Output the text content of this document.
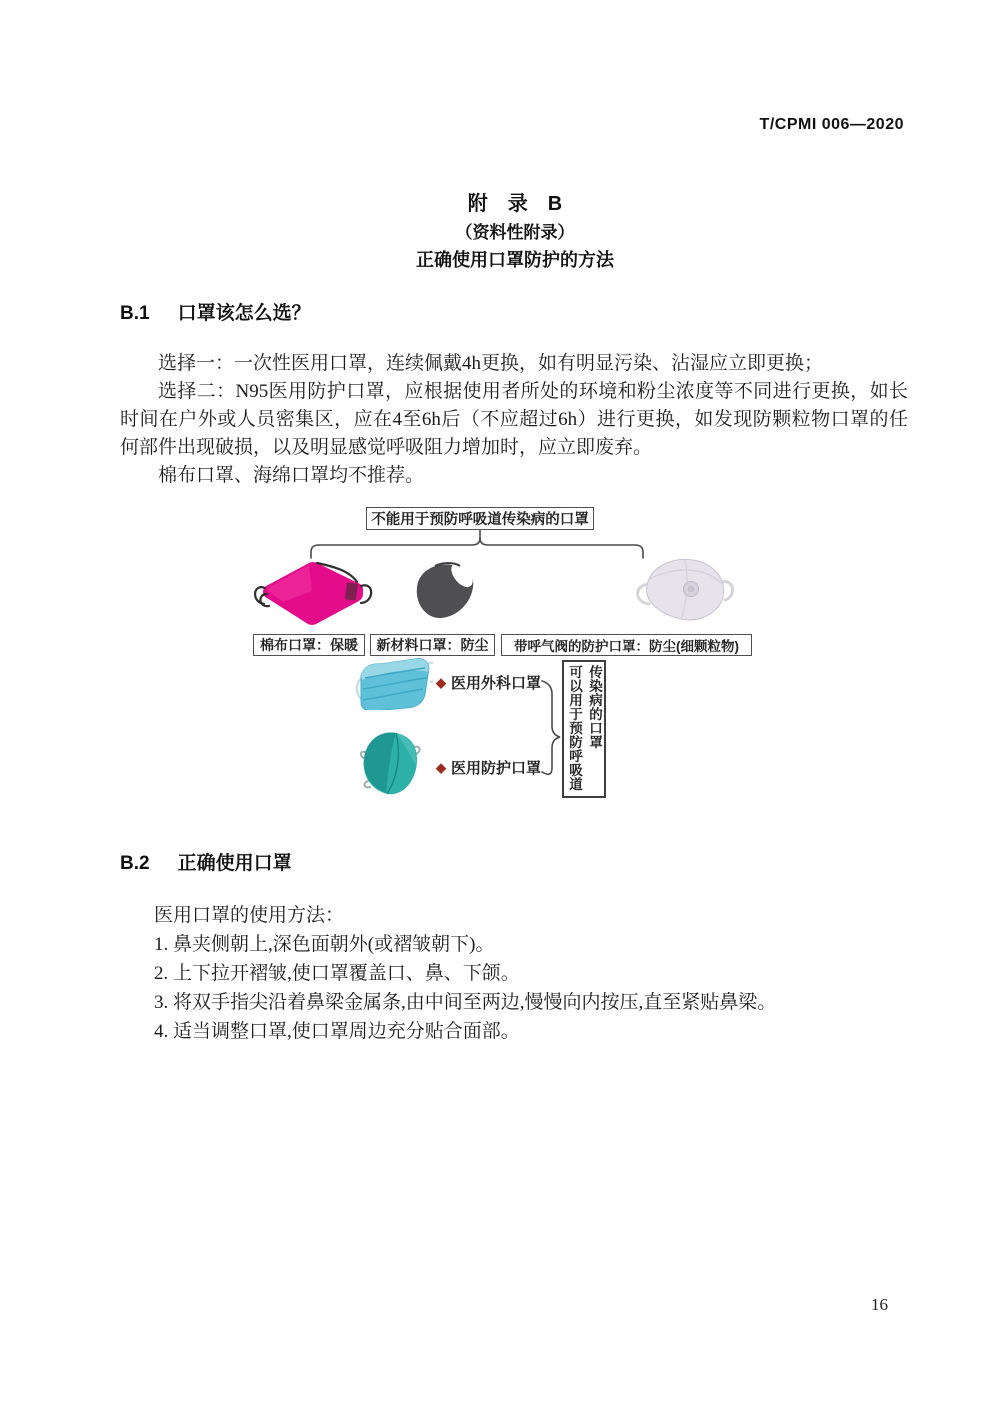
T/CPMI 006—2020
附　录　B
（资料性附录）
正确使用口罩防护的方法
B.1 口罩该怎么选？

选择一：一次性医用口罩，连续佩戴4h更换，如有明显污染、沾湿应立即更换；

选择二：N95医用防护口罩，应根据使用者所处的环境和粉尘浓度等不同进行更换，如长时间在户外或人员密集区，应在4至6h后（不应超过6h）进行更换，如发现防颗粒物口罩的任何部件出现破损，以及明显感觉呼吸阻力增加时，应立即废弃。

棉布口罩、海绵口罩均不推荐。

不能用于预防呼吸道传染病的口罩
棉布口罩：保暖	新材料口罩：防尘	带呼气阀的防护口罩：防尘(细颗粒物)
◆ 医用外科口罩
◆ 医用防护口罩 可以用于预防呼吸道 传染病的口罩
B.2 正确使用口罩
医用口罩的使用方法：
1. 鼻夹侧朝上,深色面朝外(或褶皱朝下)。
2. 上下拉开褶皱,使口罩覆盖口、鼻、下颌。
3. 将双手指尖沿着鼻梁金属条,由中间至两边,慢慢向内按压,直至紧贴鼻梁。
4. 适当调整口罩,使口罩周边充分贴合面部。
16
